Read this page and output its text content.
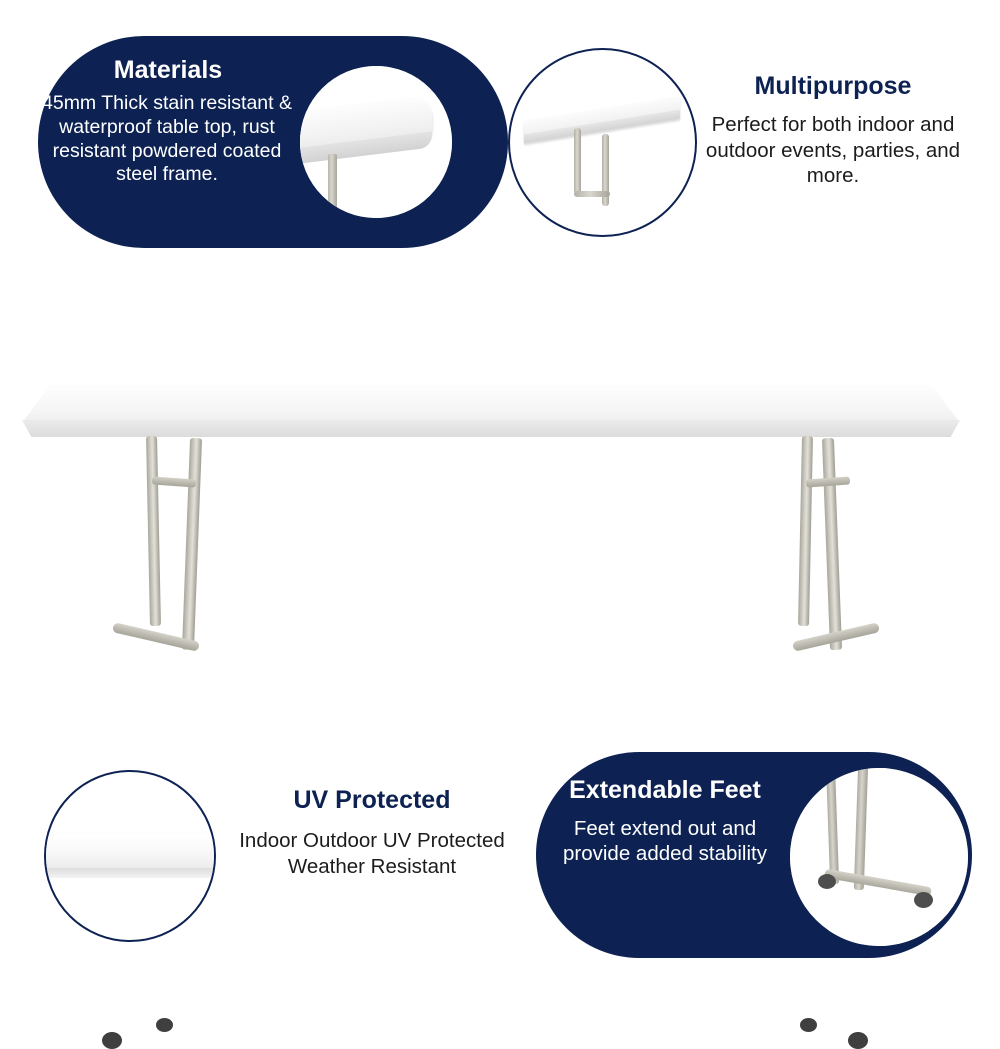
Materials
45mm Thick stain resistant & waterproof table top, rust resistant powdered coated steel frame.
Multipurpose
Perfect for both indoor and outdoor events, parties, and more.
UV Protected
Indoor Outdoor UV Protected Weather Resistant
Extendable Feet
Feet extend out and provide added stability
